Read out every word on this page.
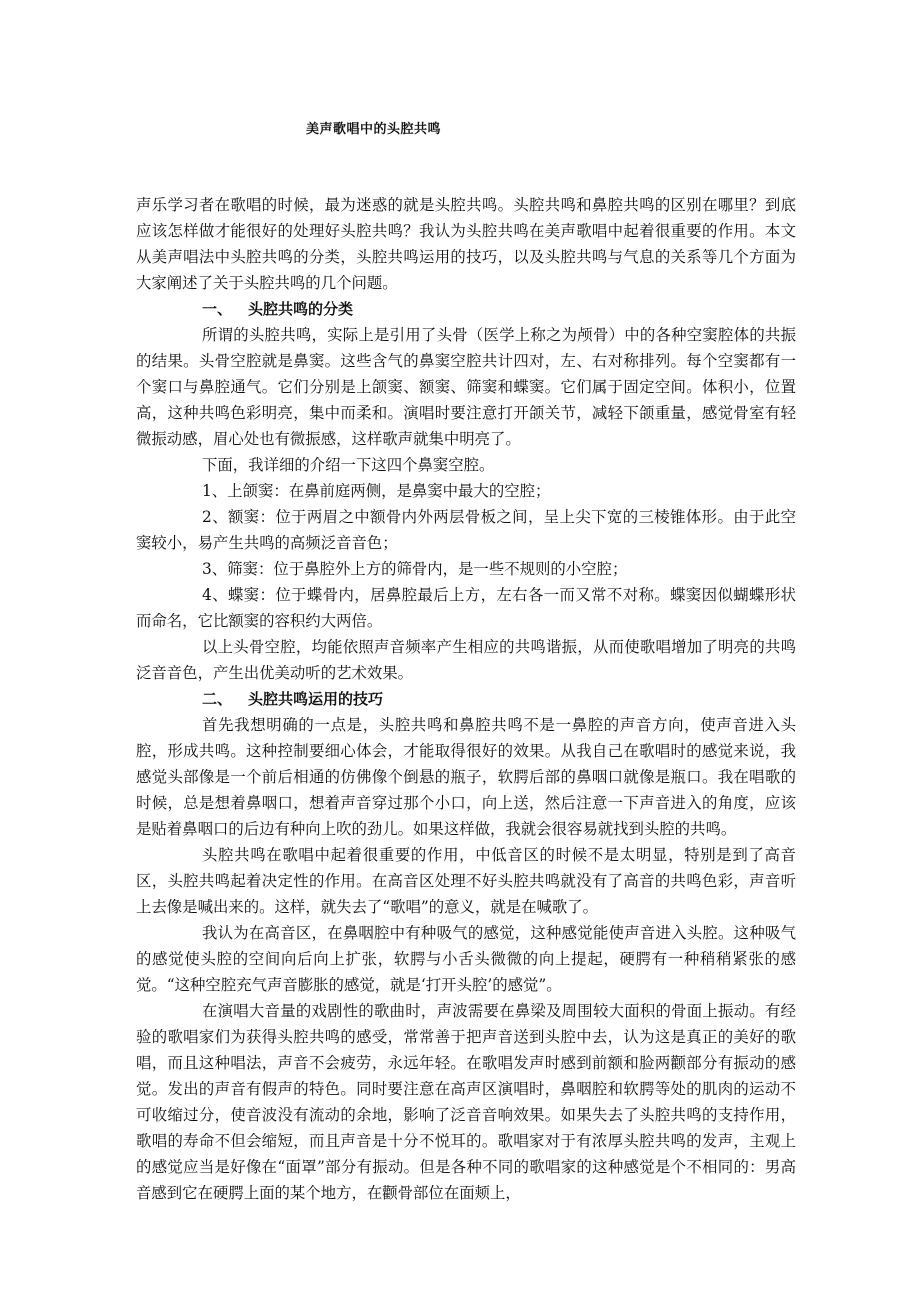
美声歌唱中的头腔共鸣

声乐学习者在歌唱的时候，最为迷惑的就是头腔共鸣。头腔共鸣和鼻腔共鸣的区别在哪里？到底应该怎样做才能很好的处理好头腔共鸣？我认为头腔共鸣在美声歌唱中起着很重要的作用。本文从美声唱法中头腔共鸣的分类，头腔共鸣运用的技巧，以及头腔共鸣与气息的关系等几个方面为大家阐述了关于头腔共鸣的几个问题。

一、 头腔共鸣的分类

所谓的头腔共鸣，实际上是引用了头骨（医学上称之为颅骨）中的各种空窦腔体的共振的结果。头骨空腔就是鼻窦。这些含气的鼻窦空腔共计四对，左、右对称排列。每个空窦都有一个窦口与鼻腔通气。它们分别是上颌窦、额窦、筛窦和蝶窦。它们属于固定空间。体积小，位置高，这种共鸣色彩明亮，集中而柔和。演唱时要注意打开颌关节，减轻下颌重量，感觉骨室有轻微振动感，眉心处也有微振感，这样歌声就集中明亮了。

下面，我详细的介绍一下这四个鼻窦空腔。

1、上颌窦：在鼻前庭两侧，是鼻窦中最大的空腔；

2、额窦：位于两眉之中额骨内外两层骨板之间，呈上尖下宽的三棱锥体形。由于此空窦较小，易产生共鸣的高频泛音音色；

3、筛窦：位于鼻腔外上方的筛骨内，是一些不规则的小空腔；

4、蝶窦：位于蝶骨内，居鼻腔最后上方，左右各一而又常不对称。蝶窦因似蝴蝶形状而命名，它比额窦的容积约大两倍。

以上头骨空腔，均能依照声音频率产生相应的共鸣谐振，从而使歌唱增加了明亮的共鸣泛音音色，产生出优美动听的艺术效果。

二、 头腔共鸣运用的技巧

首先我想明确的一点是，头腔共鸣和鼻腔共鸣不是一鼻腔的声音方向，使声音进入头腔，形成共鸣。这种控制要细心体会，才能取得很好的效果。从我自己在歌唱时的感觉来说，我感觉头部像是一个前后相通的仿佛像个倒悬的瓶子，软腭后部的鼻咽口就像是瓶口。我在唱歌的时候，总是想着鼻咽口，想着声音穿过那个小口，向上送，然后注意一下声音进入的角度，应该是贴着鼻咽口的后边有种向上吹的劲儿。如果这样做，我就会很容易就找到头腔的共鸣。

头腔共鸣在歌唱中起着很重要的作用，中低音区的时候不是太明显，特别是到了高音区，头腔共鸣起着决定性的作用。在高音区处理不好头腔共鸣就没有了高音的共鸣色彩，声音听上去像是喊出来的。这样，就失去了“歌唱”的意义，就是在喊歌了。

我认为在高音区，在鼻咽腔中有种吸气的感觉，这种感觉能使声音进入头腔。这种吸气的感觉使头腔的空间向后向上扩张，软腭与小舌头微微的向上提起，硬腭有一种稍稍紧张的感觉。“这种空腔充气声音膨胀的感觉，就是‘打开头腔’的感觉”。

在演唱大音量的戏剧性的歌曲时，声波需要在鼻梁及周围较大面积的骨面上振动。有经验的歌唱家们为获得头腔共鸣的感受，常常善于把声音送到头腔中去，认为这是真正的美好的歌唱，而且这种唱法，声音不会疲劳，永远年轻。在歌唱发声时感到前额和脸两颧部分有振动的感觉。发出的声音有假声的特色。同时要注意在高声区演唱时，鼻咽腔和软腭等处的肌肉的运动不可收缩过分，使音波没有流动的余地，影响了泛音音响效果。如果失去了头腔共鸣的支持作用，歌唱的寿命不但会缩短，而且声音是十分不悦耳的。歌唱家对于有浓厚头腔共鸣的发声，主观上的感觉应当是好像在“面罩”部分有振动。但是各种不同的歌唱家的这种感觉是个不相同的：男高音感到它在硬腭上面的某个地方，在颧骨部位在面颊上，
